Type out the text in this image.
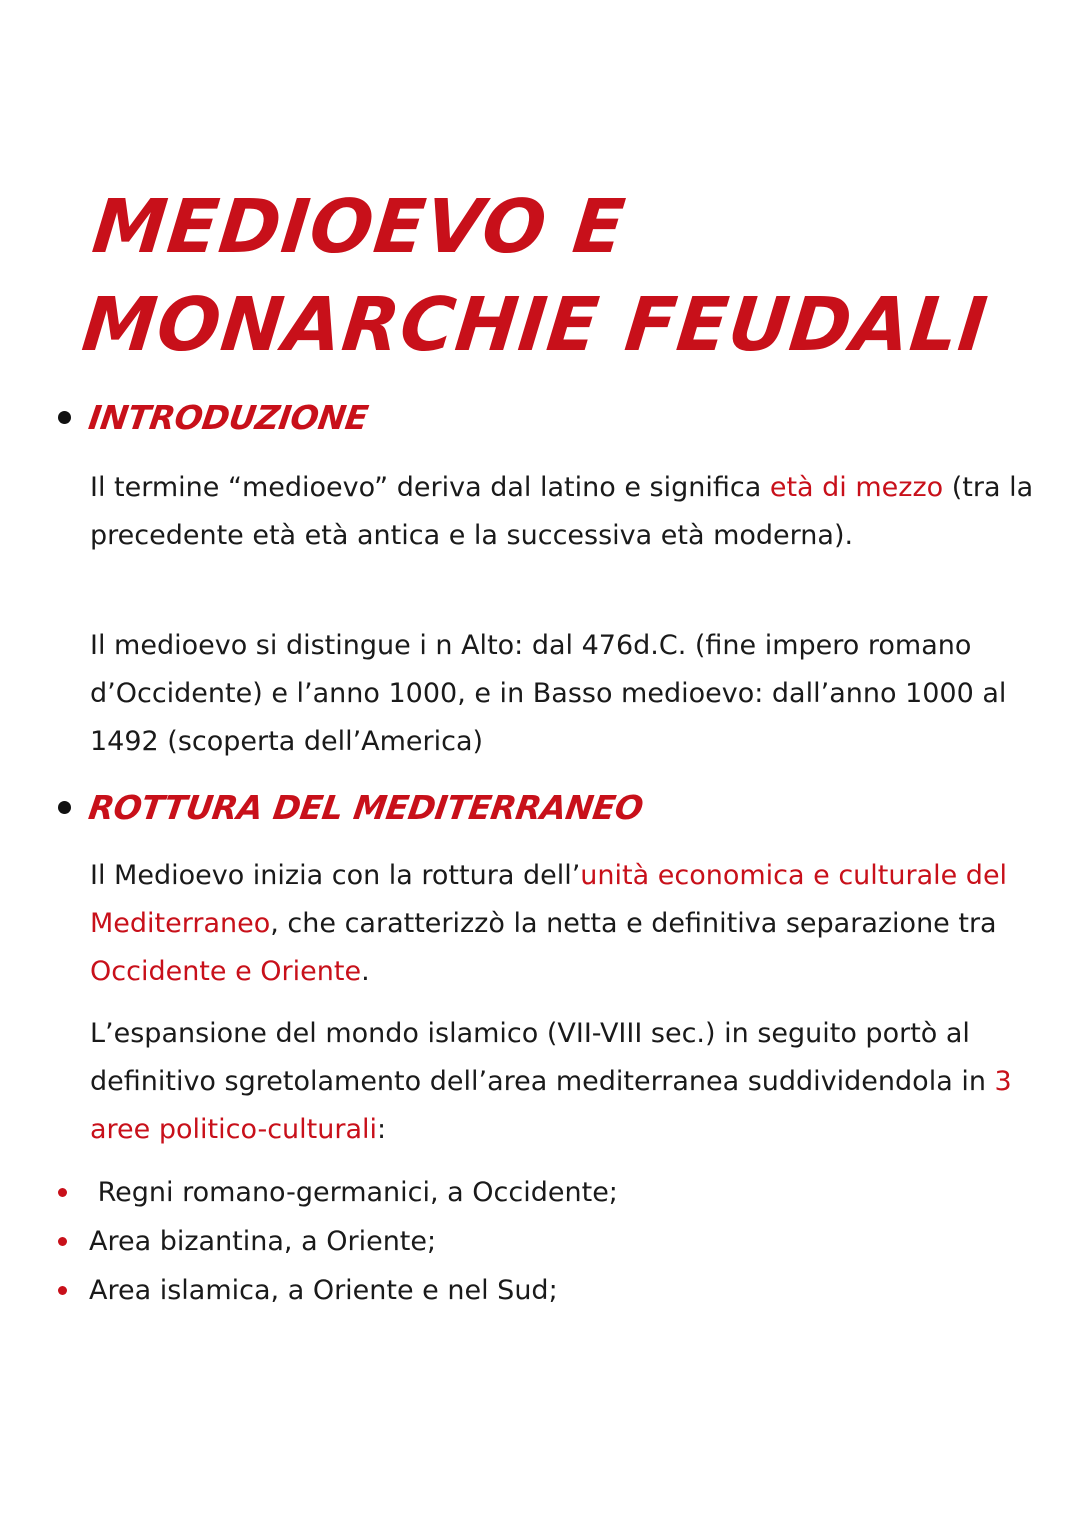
MEDIOEVO E
MONARCHIE FEUDALI
INTRODUZIONE

Il termine “medioevo” deriva dal latino e significa età di mezzo (tra la precedente età età antica e la successiva età moderna).

Il medioevo si distingue i n Alto: dal 476d.C. (fine impero romano d’Occidente) e l’anno 1000, e in Basso medioevo: dall’anno 1000 al 1492 (scoperta dell’America)

ROTTURA DEL MEDITERRANEO

Il Medioevo inizia con la rottura dell’unità economica e culturale del Mediterraneo, che caratterizzò la netta e definitiva separazione tra Occidente e Oriente.

L’espansione del mondo islamico (VII-VIII sec.) in seguito portò al definitivo sgretolamento dell’area mediterranea suddividendola in 3 aree politico-culturali:

Regni romano-germanici, a Occidente;
Area bizantina, a Oriente;
Area islamica, a Oriente e nel Sud;
